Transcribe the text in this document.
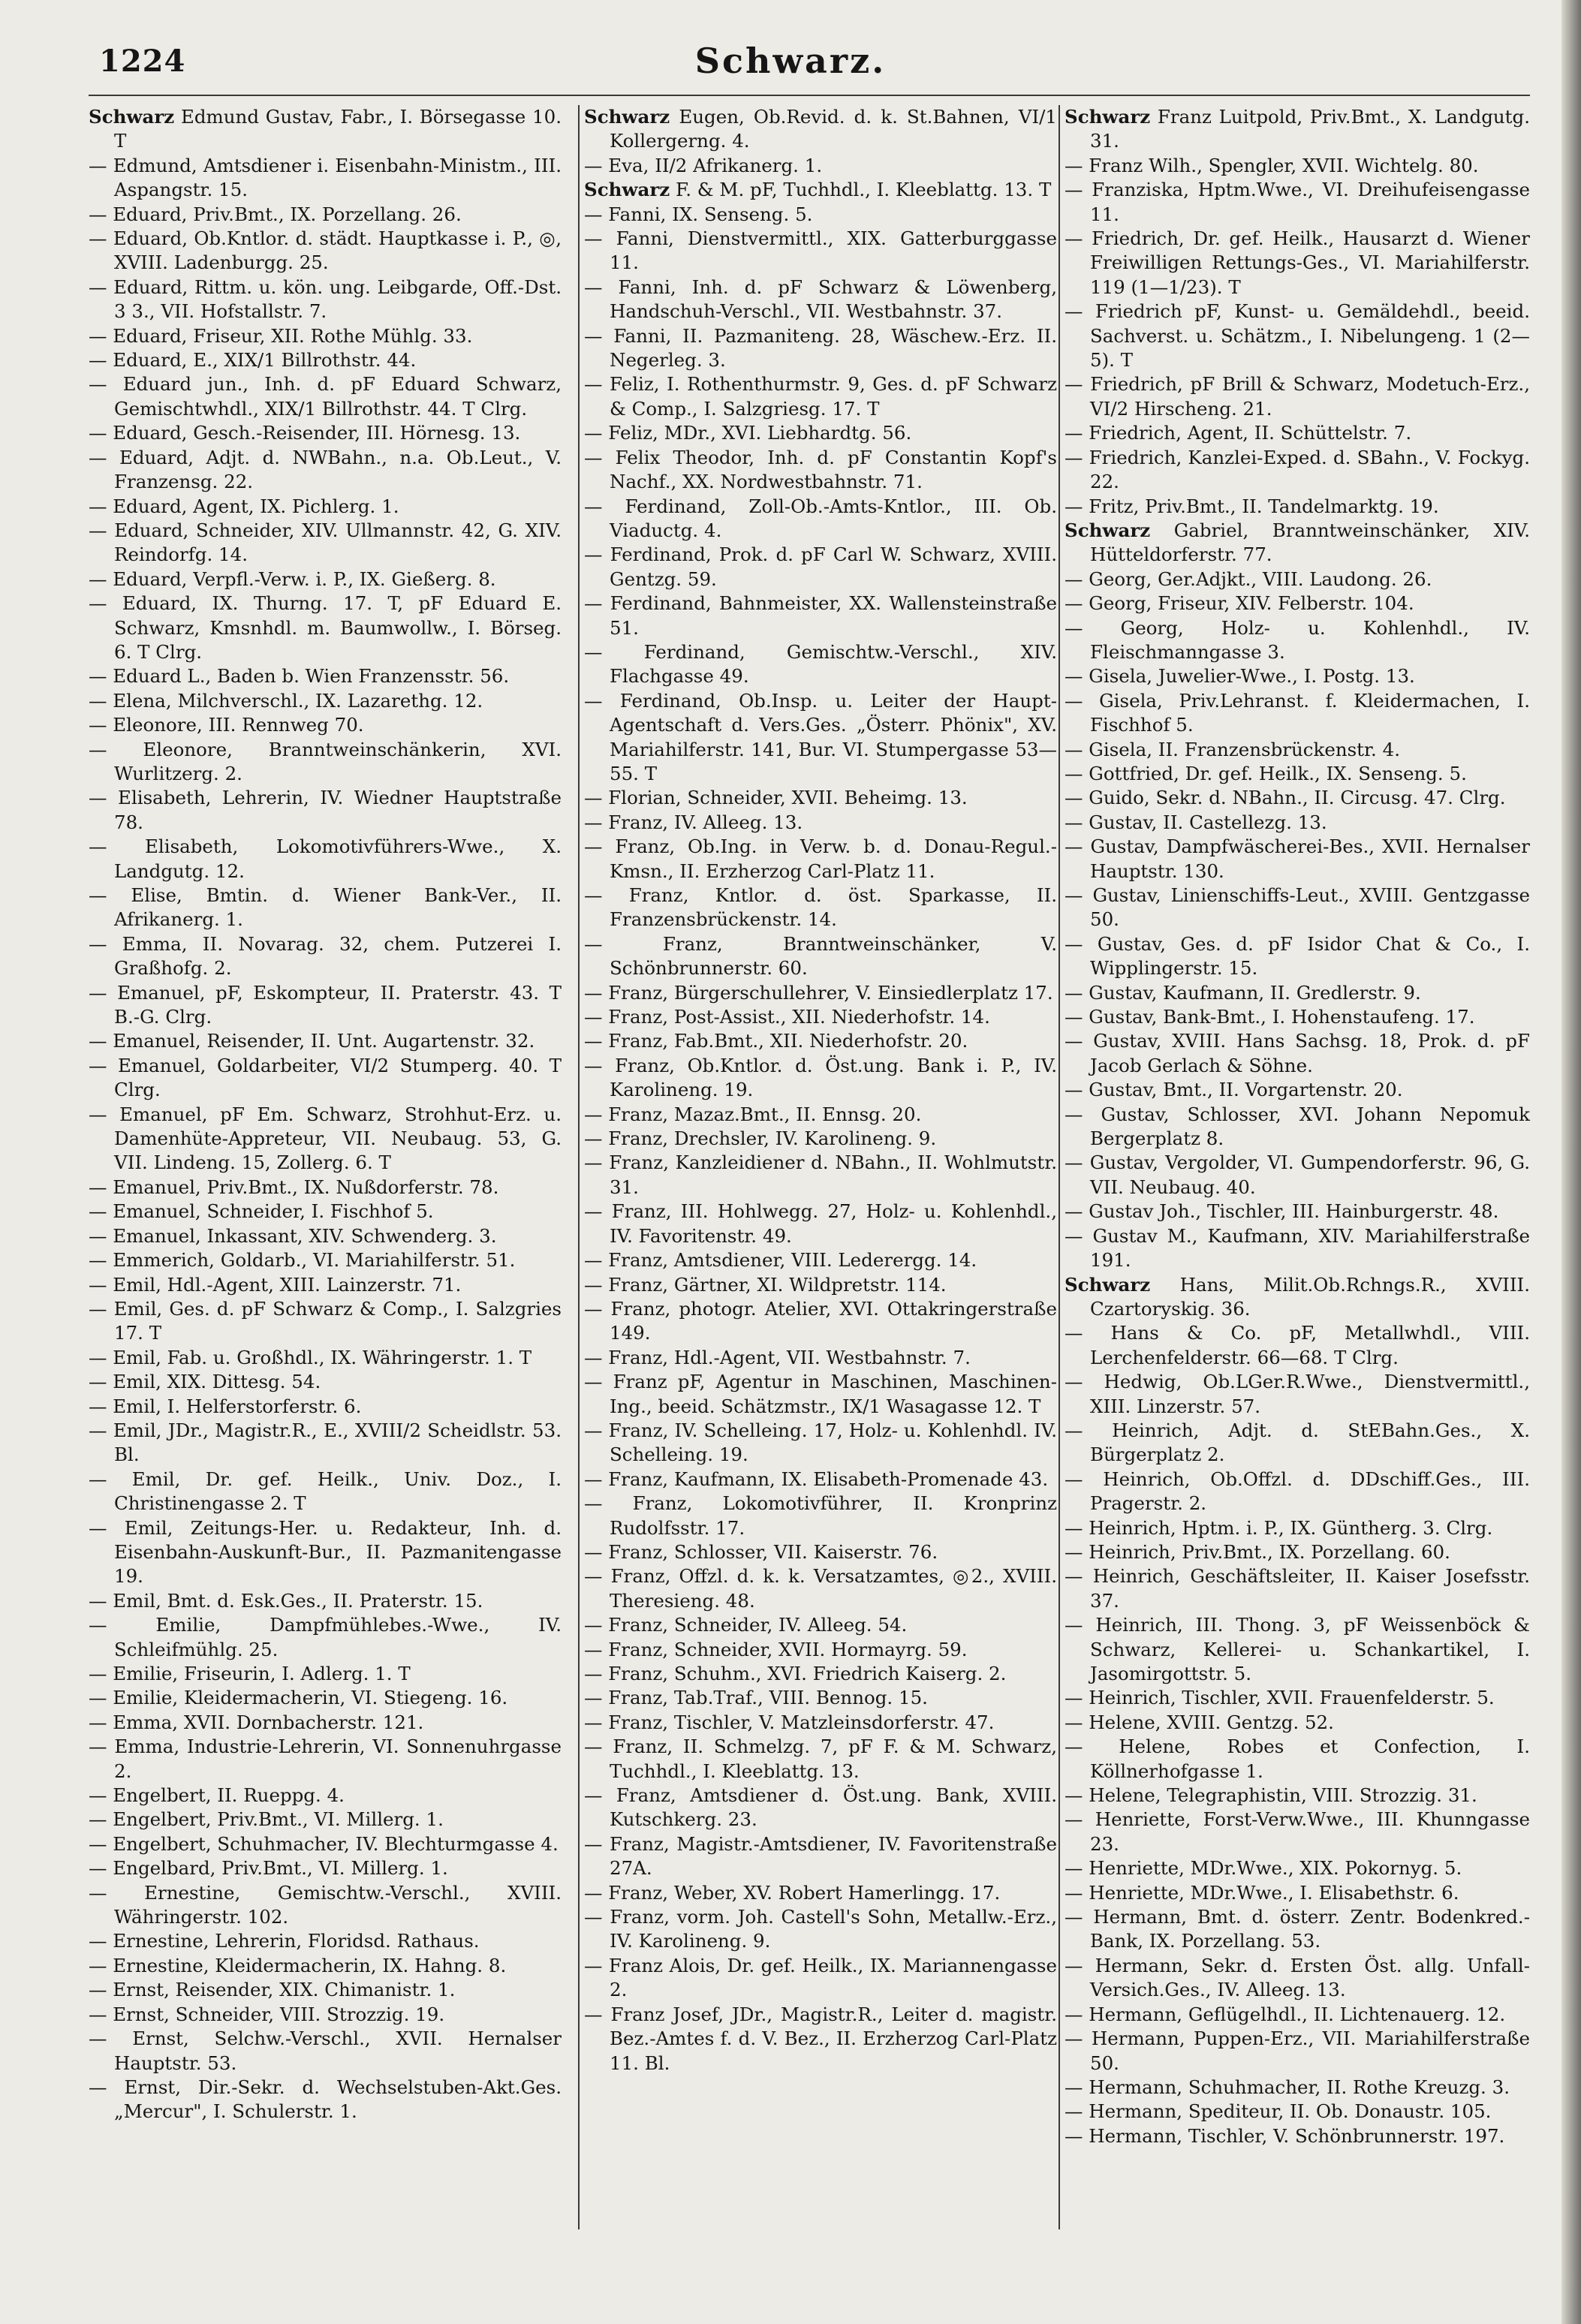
1224	Schwarz.
Schwarz Edmund Gustav, Fabr., I. Börsegasse 10. T
— Edmund, Amtsdiener i. Eisenbahn-Ministm., III. Aspangstr. 15.
— Eduard, Priv.Bmt., IX. Porzellang. 26.
— Eduard, Ob.Kntlor. d. städt. Hauptkasse i. P., ◎, XVIII. Ladenburgg. 25.
— Eduard, Rittm. u. kön. ung. Leibgarde, Off.-Dst. 3 3., VII. Hofstallstr. 7.
— Eduard, Friseur, XII. Rothe Mühlg. 33.
— Eduard, E., XIX/1 Billrothstr. 44.
— Eduard jun., Inh. d. pF Eduard Schwarz, Gemischtwhdl., XIX/1 Billrothstr. 44. T Clrg.
— Eduard, Gesch.-Reisender, III. Hörnesg. 13.
— Eduard, Adjt. d. NWBahn., n.a. Ob.Leut., V. Franzensg. 22.
— Eduard, Agent, IX. Pichlerg. 1.
— Eduard, Schneider, XIV. Ullmannstr. 42, G. XIV. Reindorfg. 14.
— Eduard, Verpfl.-Verw. i. P., IX. Gießerg. 8.
— Eduard, IX. Thurng. 17. T, pF Eduard E. Schwarz, Kmsnhdl. m. Baumwollw., I. Börseg. 6. T Clrg.
— Eduard L., Baden b. Wien Franzensstr. 56.
— Elena, Milchverschl., IX. Lazarethg. 12.
— Eleonore, III. Rennweg 70.
— Eleonore, Branntweinschänkerin, XVI. Wurlitzerg. 2.
— Elisabeth, Lehrerin, IV. Wiedner Hauptstraße 78.
— Elisabeth, Lokomotivführers-Wwe., X. Landgutg. 12.
— Elise, Bmtin. d. Wiener Bank-Ver., II. Afrikanerg. 1.
— Emma, II. Novarag. 32, chem. Putzerei I. Graßhofg. 2.
— Emanuel, pF, Eskompteur, II. Praterstr. 43. T B.-G. Clrg.
— Emanuel, Reisender, II. Unt. Augartenstr. 32.
— Emanuel, Goldarbeiter, VI/2 Stumperg. 40. T Clrg.
— Emanuel, pF Em. Schwarz, Strohhut-Erz. u. Damenhüte-Appreteur, VII. Neubaug. 53, G. VII. Lindeng. 15, Zollerg. 6. T
— Emanuel, Priv.Bmt., IX. Nußdorferstr. 78.
— Emanuel, Schneider, I. Fischhof 5.
— Emanuel, Inkassant, XIV. Schwenderg. 3.
— Emmerich, Goldarb., VI. Mariahilferstr. 51.
— Emil, Hdl.-Agent, XIII. Lainzerstr. 71.
— Emil, Ges. d. pF Schwarz & Comp., I. Salzgries 17. T
— Emil, Fab. u. Großhdl., IX. Währingerstr. 1. T
— Emil, XIX. Dittesg. 54.
— Emil, I. Helferstorferstr. 6.
— Emil, JDr., Magistr.R., E., XVIII/2 Scheidlstr. 53. Bl.
— Emil, Dr. gef. Heilk., Univ. Doz., I. Christinengasse 2. T
— Emil, Zeitungs-Her. u. Redakteur, Inh. d. Eisenbahn-Auskunft-Bur., II. Pazmanitengasse 19.
— Emil, Bmt. d. Esk.Ges., II. Praterstr. 15.
— Emilie, Dampfmühlebes.-Wwe., IV. Schleifmühlg. 25.
— Emilie, Friseurin, I. Adlerg. 1. T
— Emilie, Kleidermacherin, VI. Stiegeng. 16.
— Emma, XVII. Dornbacherstr. 121.
— Emma, Industrie-Lehrerin, VI. Sonnenuhrgasse 2.
— Engelbert, II. Rueppg. 4.
— Engelbert, Priv.Bmt., VI. Millerg. 1.
— Engelbert, Schuhmacher, IV. Blechturmgasse 4.
— Engelbard, Priv.Bmt., VI. Millerg. 1.
— Ernestine, Gemischtw.-Verschl., XVIII. Währingerstr. 102.
— Ernestine, Lehrerin, Floridsd. Rathaus.
— Ernestine, Kleidermacherin, IX. Hahng. 8.
— Ernst, Reisender, XIX. Chimanistr. 1.
— Ernst, Schneider, VIII. Strozzig. 19.
— Ernst, Selchw.-Verschl., XVII. Hernalser Hauptstr. 53.
— Ernst, Dir.-Sekr. d. Wechselstuben-Akt.Ges. „Mercur", I. Schulerstr. 1.
Schwarz Eugen, Ob.Revid. d. k. St.Bahnen, VI/1 Kollergerng. 4.
— Eva, II/2 Afrikanerg. 1.
Schwarz F. & M. pF, Tuchhdl., I. Kleeblattg. 13. T
— Fanni, IX. Senseng. 5.
— Fanni, Dienstvermittl., XIX. Gatterburggasse 11.
— Fanni, Inh. d. pF Schwarz & Löwenberg, Handschuh-Verschl., VII. Westbahnstr. 37.
— Fanni, II. Pazmaniteng. 28, Wäschew.-Erz. II. Negerleg. 3.
— Feliz, I. Rothenthurmstr. 9, Ges. d. pF Schwarz & Comp., I. Salzgriesg. 17. T
— Feliz, MDr., XVI. Liebhardtg. 56.
— Felix Theodor, Inh. d. pF Constantin Kopf's Nachf., XX. Nordwestbahnstr. 71.
— Ferdinand, Zoll-Ob.-Amts-Kntlor., III. Ob. Viaductg. 4.
— Ferdinand, Prok. d. pF Carl W. Schwarz, XVIII. Gentzg. 59.
— Ferdinand, Bahnmeister, XX. Wallensteinstraße 51.
— Ferdinand, Gemischtw.-Verschl., XIV. Flachgasse 49.
— Ferdinand, Ob.Insp. u. Leiter der Haupt-Agentschaft d. Vers.Ges. „Österr. Phönix", XV. Mariahilferstr. 141, Bur. VI. Stumpergasse 53—55. T
— Florian, Schneider, XVII. Beheimg. 13.
— Franz, IV. Alleeg. 13.
— Franz, Ob.Ing. in Verw. b. d. Donau-Regul.-Kmsn., II. Erzherzog Carl-Platz 11.
— Franz, Kntlor. d. öst. Sparkasse, II. Franzensbrückenstr. 14.
— Franz, Branntweinschänker, V. Schönbrunnerstr. 60.
— Franz, Bürgerschullehrer, V. Einsiedlerplatz 17.
— Franz, Post-Assist., XII. Niederhofstr. 14.
— Franz, Fab.Bmt., XII. Niederhofstr. 20.
— Franz, Ob.Kntlor. d. Öst.ung. Bank i. P., IV. Karolineng. 19.
— Franz, Mazaz.Bmt., II. Ennsg. 20.
— Franz, Drechsler, IV. Karolineng. 9.
— Franz, Kanzleidiener d. NBahn., II. Wohlmutstr. 31.
— Franz, III. Hohlwegg. 27, Holz- u. Kohlenhdl., IV. Favoritenstr. 49.
— Franz, Amtsdiener, VIII. Lederergg. 14.
— Franz, Gärtner, XI. Wildpretstr. 114.
— Franz, photogr. Atelier, XVI. Ottakringerstraße 149.
— Franz, Hdl.-Agent, VII. Westbahnstr. 7.
— Franz pF, Agentur in Maschinen, Maschinen-Ing., beeid. Schätzmstr., IX/1 Wasagasse 12. T
— Franz, IV. Schelleing. 17, Holz- u. Kohlenhdl. IV. Schelleing. 19.
— Franz, Kaufmann, IX. Elisabeth-Promenade 43.
— Franz, Lokomotivführer, II. Kronprinz Rudolfsstr. 17.
— Franz, Schlosser, VII. Kaiserstr. 76.
— Franz, Offzl. d. k. k. Versatzamtes, ◎2., XVIII. Theresieng. 48.
— Franz, Schneider, IV. Alleeg. 54.
— Franz, Schneider, XVII. Hormayrg. 59.
— Franz, Schuhm., XVI. Friedrich Kaiserg. 2.
— Franz, Tab.Traf., VIII. Bennog. 15.
— Franz, Tischler, V. Matzleinsdorferstr. 47.
— Franz, II. Schmelzg. 7, pF F. & M. Schwarz, Tuchhdl., I. Kleeblattg. 13.
— Franz, Amtsdiener d. Öst.ung. Bank, XVIII. Kutschkerg. 23.
— Franz, Magistr.-Amtsdiener, IV. Favoritenstraße 27A.
— Franz, Weber, XV. Robert Hamerlingg. 17.
— Franz, vorm. Joh. Castell's Sohn, Metallw.-Erz., IV. Karolineng. 9.
— Franz Alois, Dr. gef. Heilk., IX. Mariannengasse 2.
— Franz Josef, JDr., Magistr.R., Leiter d. magistr. Bez.-Amtes f. d. V. Bez., II. Erzherzog Carl-Platz 11. Bl.
Schwarz Franz Luitpold, Priv.Bmt., X. Landgutg. 31.
— Franz Wilh., Spengler, XVII. Wichtelg. 80.
— Franziska, Hptm.Wwe., VI. Dreihufeisengasse 11.
— Friedrich, Dr. gef. Heilk., Hausarzt d. Wiener Freiwilligen Rettungs-Ges., VI. Mariahilferstr. 119 (1—1/23). T
— Friedrich pF, Kunst- u. Gemäldehdl., beeid. Sachverst. u. Schätzm., I. Nibelungeng. 1 (2—5). T
— Friedrich, pF Brill & Schwarz, Modetuch-Erz., VI/2 Hirscheng. 21.
— Friedrich, Agent, II. Schüttelstr. 7.
— Friedrich, Kanzlei-Exped. d. SBahn., V. Fockyg. 22.
— Fritz, Priv.Bmt., II. Tandelmarktg. 19.
Schwarz Gabriel, Branntweinschänker, XIV. Hütteldorferstr. 77.
— Georg, Ger.Adjkt., VIII. Laudong. 26.
— Georg, Friseur, XIV. Felberstr. 104.
— Georg, Holz- u. Kohlenhdl., IV. Fleischmanngasse 3.
— Gisela, Juwelier-Wwe., I. Postg. 13.
— Gisela, Priv.Lehranst. f. Kleidermachen, I. Fischhof 5.
— Gisela, II. Franzensbrückenstr. 4.
— Gottfried, Dr. gef. Heilk., IX. Senseng. 5.
— Guido, Sekr. d. NBahn., II. Circusg. 47. Clrg.
— Gustav, II. Castellezg. 13.
— Gustav, Dampfwäscherei-Bes., XVII. Hernalser Hauptstr. 130.
— Gustav, Linienschiffs-Leut., XVIII. Gentzgasse 50.
— Gustav, Ges. d. pF Isidor Chat & Co., I. Wipplingerstr. 15.
— Gustav, Kaufmann, II. Gredlerstr. 9.
— Gustav, Bank-Bmt., I. Hohenstaufeng. 17.
— Gustav, XVIII. Hans Sachsg. 18, Prok. d. pF Jacob Gerlach & Söhne.
— Gustav, Bmt., II. Vorgartenstr. 20.
— Gustav, Schlosser, XVI. Johann Nepomuk Bergerplatz 8.
— Gustav, Vergolder, VI. Gumpendorferstr. 96, G. VII. Neubaug. 40.
— Gustav Joh., Tischler, III. Hainburgerstr. 48.
— Gustav M., Kaufmann, XIV. Mariahilferstraße 191.
Schwarz Hans, Milit.Ob.Rchngs.R., XVIII. Czartoryskig. 36.
— Hans & Co. pF, Metallwhdl., VIII. Lerchenfelderstr. 66—68. T Clrg.
— Hedwig, Ob.LGer.R.Wwe., Dienstvermittl., XIII. Linzerstr. 57.
— Heinrich, Adjt. d. StEBahn.Ges., X. Bürgerplatz 2.
— Heinrich, Ob.Offzl. d. DDschiff.Ges., III. Pragerstr. 2.
— Heinrich, Hptm. i. P., IX. Güntherg. 3. Clrg.
— Heinrich, Priv.Bmt., IX. Porzellang. 60.
— Heinrich, Geschäftsleiter, II. Kaiser Josefsstr. 37.
— Heinrich, III. Thong. 3, pF Weissenböck & Schwarz, Kellerei- u. Schankartikel, I. Jasomirgottstr. 5.
— Heinrich, Tischler, XVII. Frauenfelderstr. 5.
— Helene, XVIII. Gentzg. 52.
— Helene, Robes et Confection, I. Köllnerhofgasse 1.
— Helene, Telegraphistin, VIII. Strozzig. 31.
— Henriette, Forst-Verw.Wwe., III. Khunngasse 23.
— Henriette, MDr.Wwe., XIX. Pokornyg. 5.
— Henriette, MDr.Wwe., I. Elisabethstr. 6.
— Hermann, Bmt. d. österr. Zentr. Bodenkred.-Bank, IX. Porzellang. 53.
— Hermann, Sekr. d. Ersten Öst. allg. Unfall-Versich.Ges., IV. Alleeg. 13.
— Hermann, Geflügelhdl., II. Lichtenauerg. 12.
— Hermann, Puppen-Erz., VII. Mariahilferstraße 50.
— Hermann, Schuhmacher, II. Rothe Kreuzg. 3.
— Hermann, Spediteur, II. Ob. Donaustr. 105.
— Hermann, Tischler, V. Schönbrunnerstr. 197.
